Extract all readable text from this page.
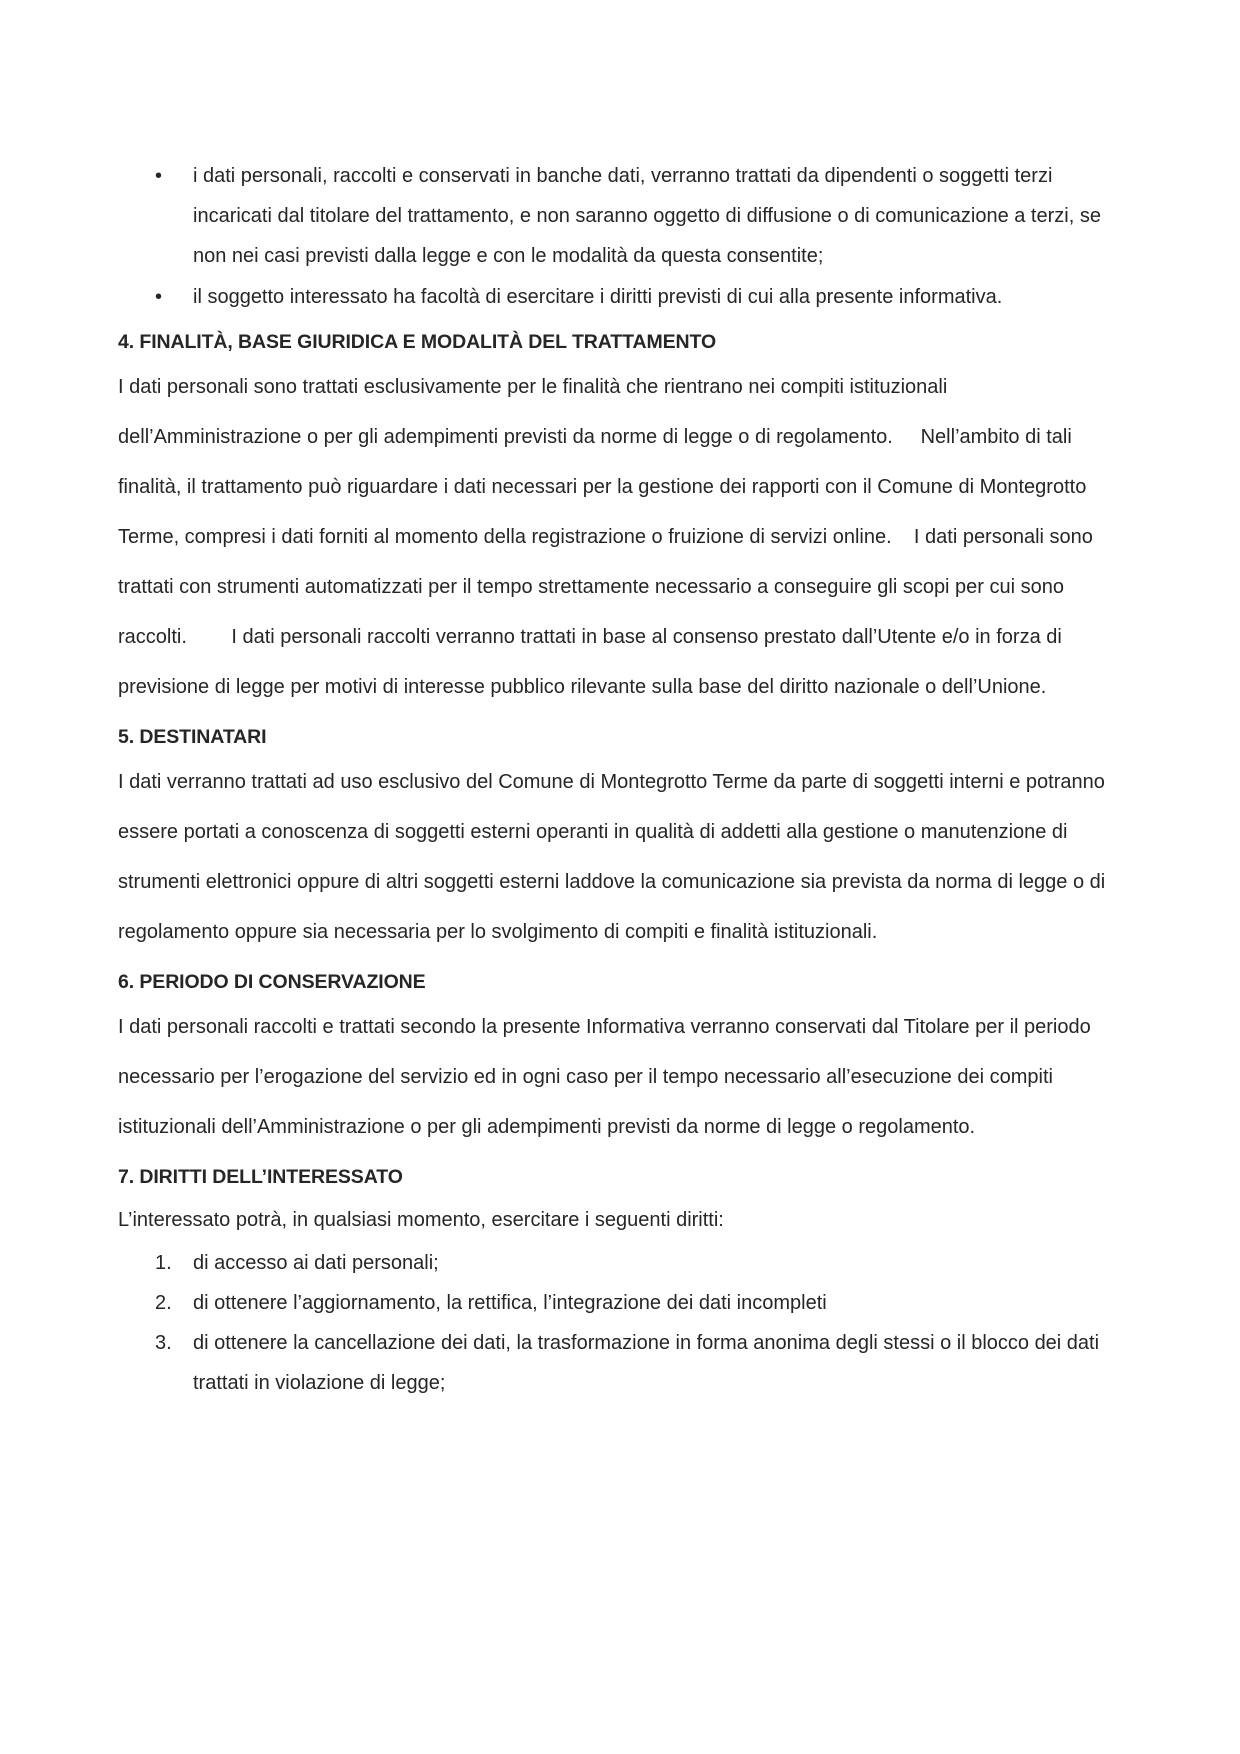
• i dati personali, raccolti e conservati in banche dati, verranno trattati da dipendenti o soggetti terzi incaricati dal titolare del trattamento, e non saranno oggetto di diffusione o di comunicazione a terzi, se non nei casi previsti dalla legge e con le modalità da questa consentite;
• il soggetto interessato ha facoltà di esercitare i diritti previsti di cui alla presente informativa.
4. FINALITÀ, BASE GIURIDICA E MODALITÀ DEL TRATTAMENTO

I dati personali sono trattati esclusivamente per le finalità che rientrano nei compiti istituzionali dell’Amministrazione o per gli adempimenti previsti da norme di legge o di regolamento.     Nell’ambito di tali finalità, il trattamento può riguardare i dati necessari per la gestione dei rapporti con il Comune di Montegrotto Terme, compresi i dati forniti al momento della registrazione o fruizione di servizi online.    I dati personali sono trattati con strumenti automatizzati per il tempo strettamente necessario a conseguire gli scopi per cui sono raccolti.        I dati personali raccolti verranno trattati in base al consenso prestato dall’Utente e/o in forza di previsione di legge per motivi di interesse pubblico rilevante sulla base del diritto nazionale o dell’Unione.

5. DESTINATARI

I dati verranno trattati ad uso esclusivo del Comune di Montegrotto Terme da parte di soggetti interni e potranno essere portati a conoscenza di soggetti esterni operanti in qualità di addetti alla gestione o manutenzione di strumenti elettronici oppure di altri soggetti esterni laddove la comunicazione sia prevista da norma di legge o di regolamento oppure sia necessaria per lo svolgimento di compiti e finalità istituzionali.

6. PERIODO DI CONSERVAZIONE

I dati personali raccolti e trattati secondo la presente Informativa verranno conservati dal Titolare per il periodo necessario per l’erogazione del servizio ed in ogni caso per il tempo necessario all’esecuzione dei compiti istituzionali dell’Amministrazione o per gli adempimenti previsti da norme di legge o regolamento.

7. DIRITTI DELL’INTERESSATO

L’interessato potrà, in qualsiasi momento, esercitare i seguenti diritti:

1. di accesso ai dati personali;
2. di ottenere l’aggiornamento, la rettifica, l’integrazione dei dati incompleti
3. di ottenere la cancellazione dei dati, la trasformazione in forma anonima degli stessi o il blocco dei dati trattati in violazione di legge;
